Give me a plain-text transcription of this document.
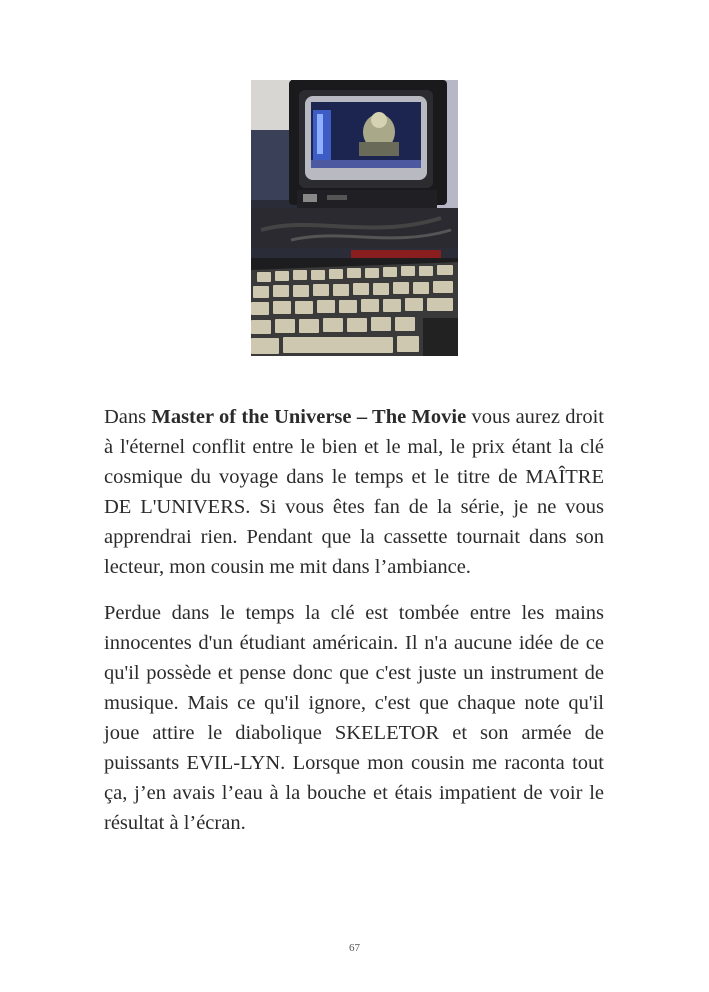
Dans Master of the Universe – The Movie vous aurez droit à l'éternel conflit entre le bien et le mal, le prix étant la clé cosmique du voyage dans le temps et le titre de MAÎTRE DE L'UNIVERS. Si vous êtes fan de la série, je ne vous apprendrai rien. Pendant que la cassette tournait dans son lecteur, mon cousin me mit dans l’ambiance.

Perdue dans le temps la clé est tombée entre les mains innocentes d'un étudiant américain. Il n'a aucune idée de ce qu'il possède et pense donc que c'est juste un instrument de musique. Mais ce qu'il ignore, c'est que chaque note qu'il joue attire le diabolique SKELETOR et son armée de puissants EVIL-LYN. Lorsque mon cousin me raconta tout ça, j’en avais l’eau à la bouche et étais impatient de voir le résultat à l’écran.

67
